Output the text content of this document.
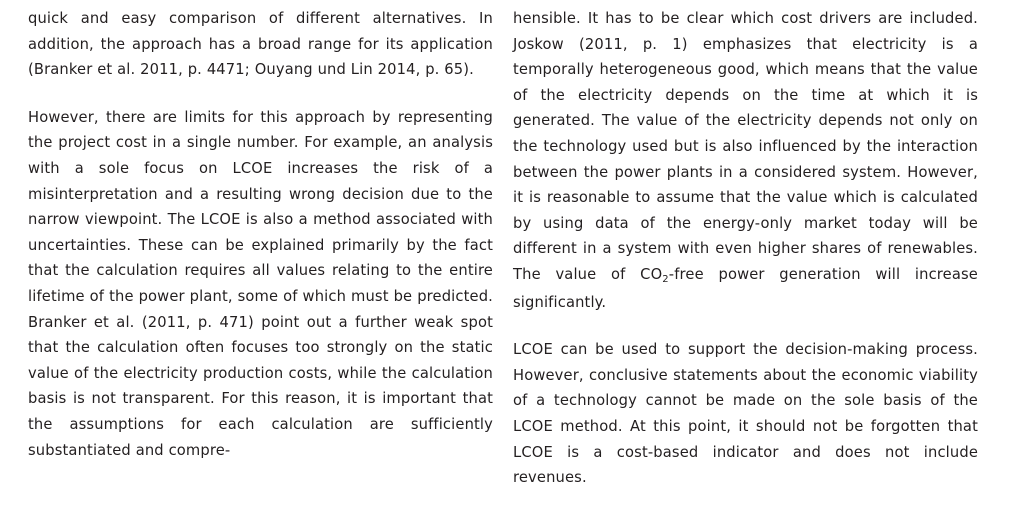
quick and easy comparison of different alternatives. In addition, the approach has a broad range for its application (Branker et al. 2011, p. 4471; Ouyang und Lin 2014, p. 65).

However, there are limits for this approach by representing the project cost in a single number. For example, an analysis with a sole focus on LCOE increases the risk of a misinterpretation and a resulting wrong decision due to the narrow viewpoint. The LCOE is also a method associated with uncertainties. These can be explained primarily by the fact that the calculation requires all values relating to the entire lifetime of the power plant, some of which must be predicted. Branker et al. (2011, p. 471) point out a further weak spot that the calculation often focuses too strongly on the static value of the electricity production costs, while the calculation basis is not transparent. For this reason, it is important that the assumptions for each calculation are sufficiently substantiated and compre-

hensible. It has to be clear which cost drivers are included. Joskow (2011, p. 1) emphasizes that electricity is a temporally heterogeneous good, which means that the value of the electricity depends on the time at which it is generated. The value of the electricity depends not only on the technology used but is also influenced by the interaction between the power plants in a considered system. However, it is reasonable to assume that the value which is calculated by using data of the energy-only market today will be different in a system with even higher shares of renewables. The value of $CO_2$-free power generation will increase significantly.

LCOE can be used to support the decision-making process. However, conclusive statements about the economic viability of a technology cannot be made on the sole basis of the LCOE method. At this point, it should not be forgotten that LCOE is a cost-based indicator and does not include revenues.
